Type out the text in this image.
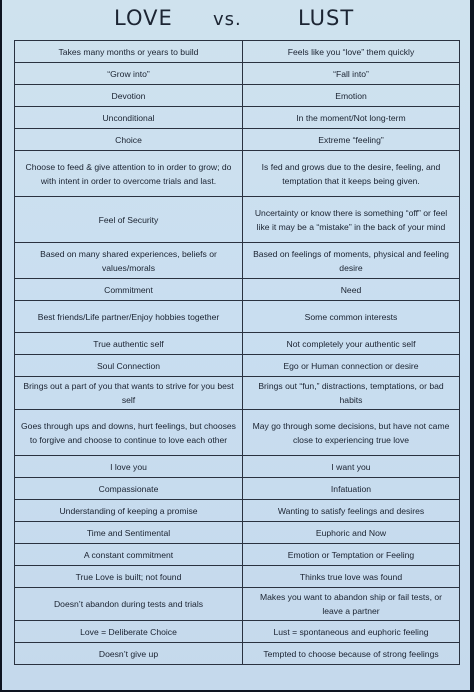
LOVE vs.	LUST
Takes many months or years to build	Feels like you “love” them quickly
“Grow into”	“Fall into”
Devotion	Emotion
Unconditional	In the moment/Not long-term
Choice	Extreme “feeling”
Choose to feed & give attention to in order to grow; do with intent in order to overcome trials and last.	Is fed and grows due to the desire, feeling, and temptation that it keeps being given.
Feel of Security	Uncertainty or know there is something “off” or feel like it may be a “mistake” in the back of your mind
Based on many shared experiences, beliefs or values/morals	Based on feelings of moments, physical and feeling desire
Commitment	Need
Best friends/Life partner/Enjoy hobbies together	Some common interests
True authentic self	Not completely your authentic self
Soul Connection	Ego or Human connection or desire
Brings out a part of you that wants to strive for you best self	Brings out “fun,” distractions, temptations, or bad habits
Goes through ups and downs, hurt feelings, but chooses to forgive and choose to continue to love each other	May go through some decisions, but have not came close to experiencing true love
I love you	I want you
Compassionate	Infatuation
Understanding of keeping a promise	Wanting to satisfy feelings and desires
Time and Sentimental	Euphoric and Now
A constant commitment	Emotion or Temptation or Feeling
True Love is built; not found	Thinks true love was found
Doesn’t abandon during tests and trials	Makes you want to abandon ship or fail tests, or leave a partner
Love = Deliberate Choice	Lust = spontaneous and euphoric feeling
Doesn’t give up	Tempted to choose because of strong feelings
